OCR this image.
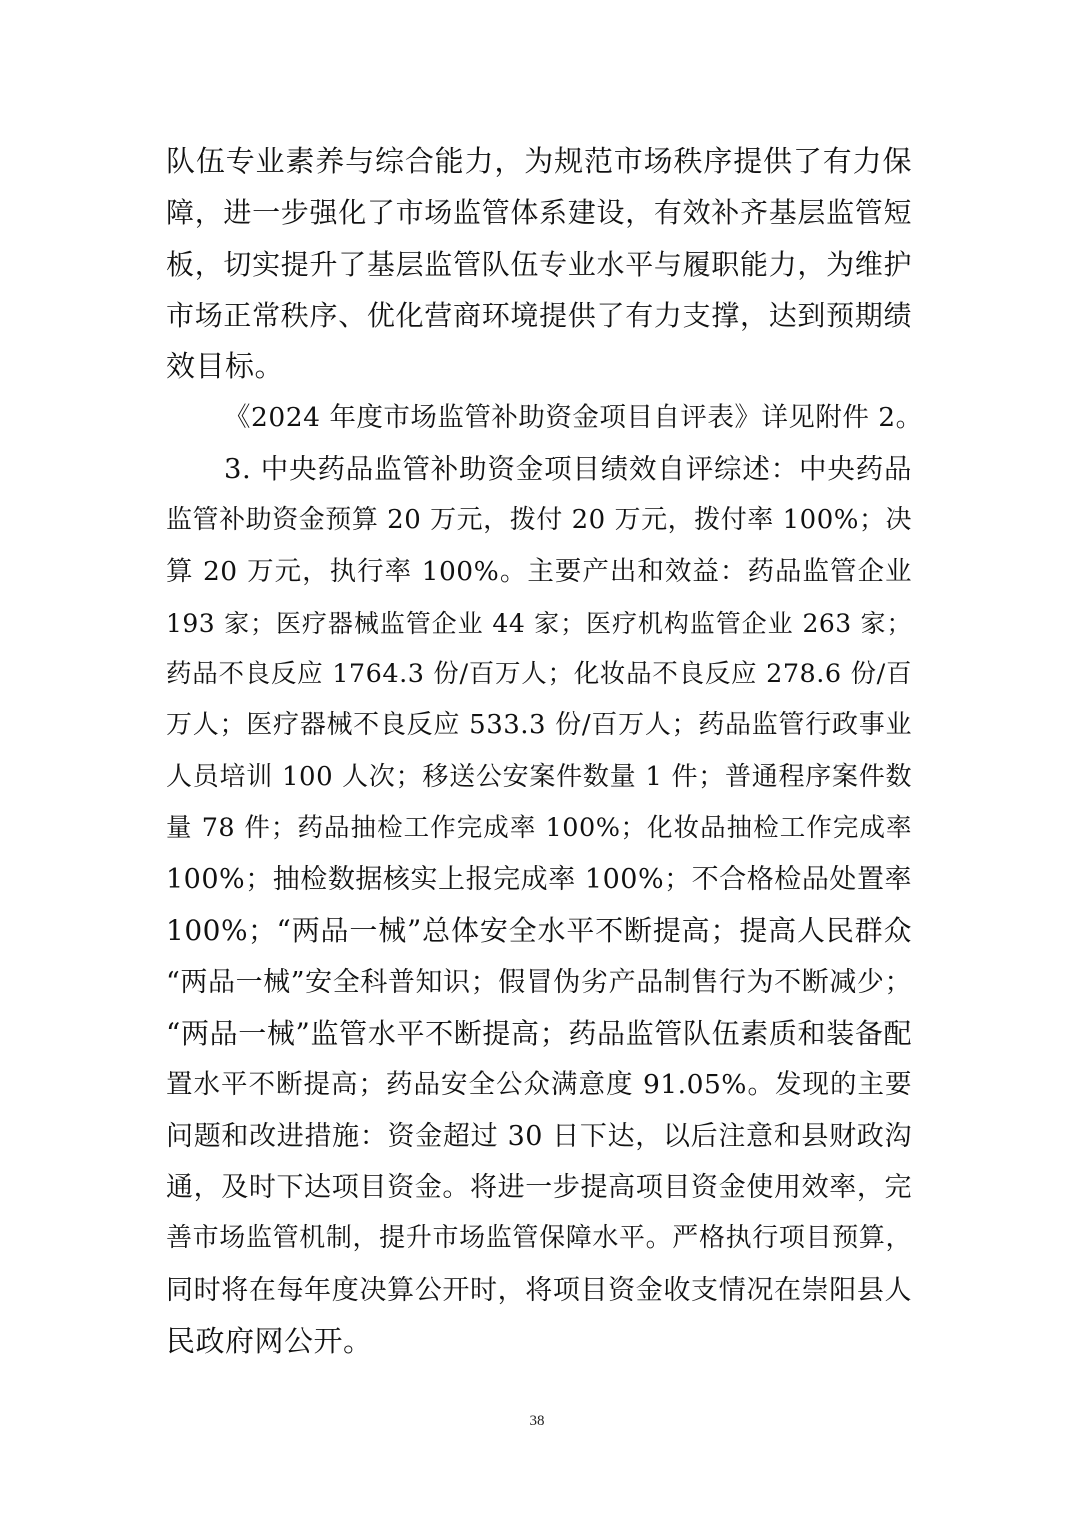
队伍专业素养与综合能力，为规范市场秩序提供了有力保
障，进一步强化了市场监管体系建设，有效补齐基层监管短
板，切实提升了基层监管队伍专业水平与履职能力，为维护
市场正常秩序、优化营商环境提供了有力支撑，达到预期绩
效目标。
《2024 年度市场监管补助资金项目自评表》详见附件 2。
3. 中央药品监管补助资金项目绩效自评综述：中央药品
监管补助资金预算 20 万元，拨付 20 万元，拨付率 100%；决
算 20 万元，执行率 100%。主要产出和效益：药品监管企业
193 家；医疗器械监管企业 44 家；医疗机构监管企业 263 家；
药品不良反应 1764.3 份/百万人；化妆品不良反应 278.6 份/百
万人；医疗器械不良反应 533.3 份/百万人；药品监管行政事业
人员培训 100 人次；移送公安案件数量 1 件；普通程序案件数
量 78 件；药品抽检工作完成率 100%；化妆品抽检工作完成率
100%；抽检数据核实上报完成率 100%；不合格检品处置率
100%；“两品一械”总体安全水平不断提高；提高人民群众
“两品一械”安全科普知识；假冒伪劣产品制售行为不断减少；
“两品一械”监管水平不断提高；药品监管队伍素质和装备配
置水平不断提高；药品安全公众满意度 91.05%。发现的主要
问题和改进措施：资金超过 30 日下达，以后注意和县财政沟
通，及时下达项目资金。将进一步提高项目资金使用效率，完
善市场监管机制，提升市场监管保障水平。严格执行项目预算，
同时将在每年度决算公开时，将项目资金收支情况在崇阳县人
民政府网公开。
38
